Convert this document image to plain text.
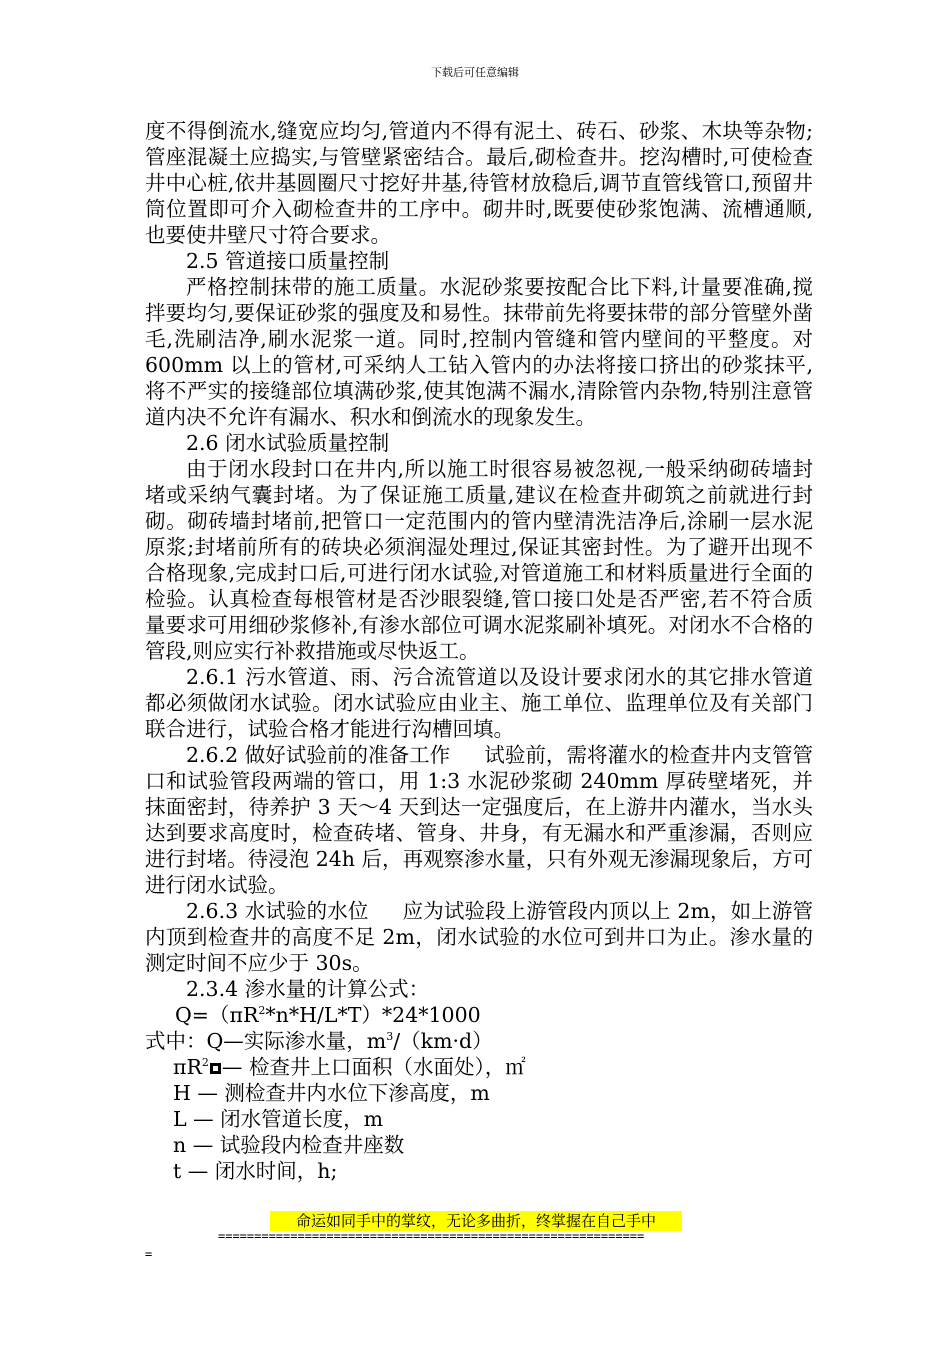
下载后可任意编辑

度不得倒流水,缝宽应均匀,管道内不得有泥土、砖石、砂浆、木块等杂物;管座混凝土应捣实,与管壁紧密结合。最后,砌检查井。挖沟槽时,可使检查井中心桩,依井基圆圈尺寸挖好井基,待管材放稳后,调节直管线管口,预留井筒位置即可介入砌检查井的工序中。砌井时,既要使砂浆饱满、流槽通顺,也要使井壁尺寸符合要求。

2.5 管道接口质量控制

严格控制抹带的施工质量。水泥砂浆要按配合比下料,计量要准确,搅拌要均匀,要保证砂浆的强度及和易性。抹带前先将要抹带的部分管壁外凿毛,洗刷洁净,刷水泥浆一道。同时,控制内管缝和管内壁间的平整度。对 600mm 以上的管材,可采纳人工钻入管内的办法将接口挤出的砂浆抹平,将不严实的接缝部位填满砂浆,使其饱满不漏水,清除管内杂物,特别注意管道内决不允许有漏水、积水和倒流水的现象发生。

2.6 闭水试验质量控制

由于闭水段封口在井内,所以施工时很容易被忽视,一般采纳砌砖墙封堵或采纳气囊封堵。为了保证施工质量,建议在检查井砌筑之前就进行封砌。砌砖墙封堵前,把管口一定范围内的管内壁清洗洁净后,涂刷一层水泥原浆;封堵前所有的砖块必须润湿处理过,保证其密封性。为了避开出现不合格现象,完成封口后,可进行闭水试验,对管道施工和材料质量进行全面的检验。认真检查每根管材是否沙眼裂缝,管口接口处是否严密,若不符合质量要求可用细砂浆修补,有渗水部位可调水泥浆刷补填死。对闭水不合格的管段,则应实行补救措施或尽快返工。

2.6.1 污水管道、雨、污合流管道以及设计要求闭水的其它排水管道都必须做闭水试验。闭水试验应由业主、施工单位、监理单位及有关部门联合进行，试验合格才能进行沟槽回填。

2.6.2 做好试验前的准备工作 试验前，需将灌水的检查井内支管管口和试验管段两端的管口，用 1:3 水泥砂浆砌 240mm 厚砖壁堵死，并抹面密封，待养护 3 天～4 天到达一定强度后，在上游井内灌水，当水头达到要求高度时，检查砖堵、管身、井身，有无漏水和严重渗漏，否则应进行封堵。待浸泡 24h 后，再观察渗水量，只有外观无渗漏现象后，方可进行闭水试验。

2.6.3 水试验的水位 应为试验段上游管段内顶以上 2m，如上游管内顶到检查井的高度不足 2m，闭水试验的水位可到井口为止。渗水量的测定时间不应少于 30s。

2.3.4 渗水量的计算公式：

$Q=(\pi R^2*n*H/L*T)*24*1000$

式中：Q—实际渗水量，$m^3/(km\cdot d)$

$\pi R^2$ — 检查井上口面积（水面处），㎡

H — 测检查井内水位下渗高度，m

L — 闭水管道长度，m

n — 试验段内检查井座数

t — 闭水时间，h;

命运如同手中的掌纹，无论多曲折，终掌握在自己手中
===========================================================
=
